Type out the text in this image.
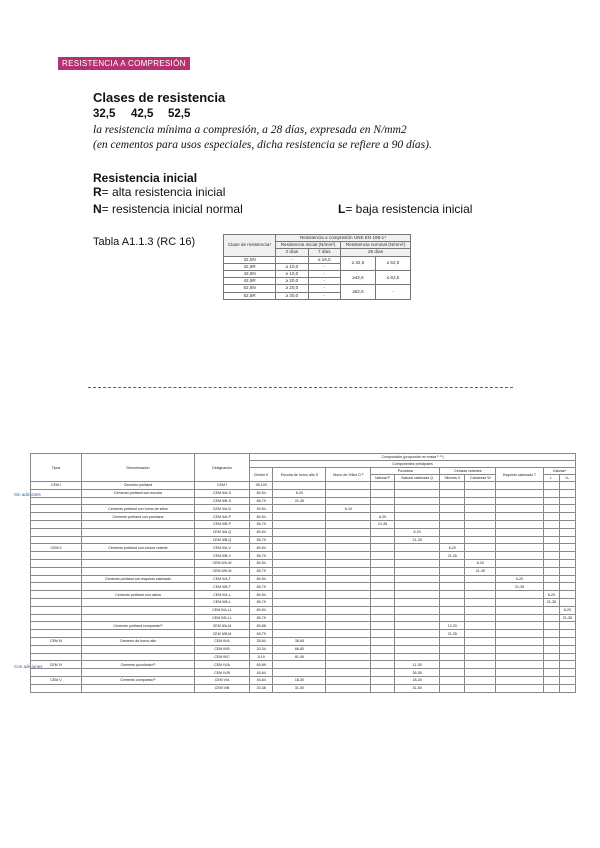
RESISTENCIA A COMPRESIÓN
Clases de resistencia
32,5 42,5 52,5
la resistencia mínima a compresión, a 28 días, expresada en N/mm2
(en cementos para usos especiales, dicha resistencia se refiere a 90 días).
Resistencia inicial
R= alta resistencia inicial
N= resistencia inicial normal	L= baja resistencia inicial
Tabla A1.1.3 (RC 16)	Clase de resistencia⁴	Resistencia a compresión UNE EN 196-1⁴			
	Resistencia inicial (N/mm²)		Resistencia nominal (N/mm²)	
	2 días	7 días	28 días	
32,5N	-	≥ 16,0	≥ 32,5	≤ 52,5
32,5R	≥ 10,0	-		
42,5N	≥ 10,0	-	≥42,5	≤ 62,5
42,5R	≥ 20,0	-		
52,5N	≥ 20,0	-	≥52,5	-
52,5R	≥ 30,0	-		
Sin adiciones
Con adiciones
Tipos	Denominación	Designación	Composición (proporción en masa ¹⁾ ²⁾)									
			Componentes principales									
			Clínker K	Escoria de horno alto S	Humo de Sílice D ²⁾	Puzolana		Cenizas volantes		Esquisto calcinado T	Calizas⁴	
						Natural P	Natural calcinada Q	Silíceas V	Calcáreas W		L	LL
CEM I	Cemento pórtland	CEM I	95-100									
	Cemento pórtland con escoria	CEM II/A-S	80-94	6-20								
		CEM II/B-S	65-79	21-35								
	Cemento pórtland con humo de sílice	CEM II/A-D	90-94		6-10							
	Cemento pórtland con puzolana	CEM II/A-P	80-94			6-20						
		CEM II/B-P	65-79			21-35						
		CEM II/A-Q	80-94				6-20					
		CEM II/B-Q	65-79				21-35					
CEM II	Cemento pórtland con ceniza volante	CEM II/A-V	80-94					6-20				
		CEM II/B-V	65-79					21-35				
		CEM II/A-W	80-94						6-20			
		CEM II/B-W	65-79						21-35			
	Cemento pórtland con esquisto calcinado	CEM II/A-T	80-94							6-20		
		CEM II/B-T	65-79							21-35		
	Cemento pórtland con caliza	CEM II/A-L	80-94								6-20	
		CEM II/B-L	65-79								21-35	
		CEM II/A-LL	80-94									6-20
		CEM II/B-LL	65-79									21-35
	Cemento pórtland compuesto³⁾	CEM II/A-M	80-88					12-20				
		CEM II/B-M	65-79					21-35				
CEM III	Cemento de horno alto	CEM III/A	35-64	36-65								
		CEM III/B	20-34	66-80								
		CEM III/C	5-19	81-95								
CEM IV	Cemento puzolánico³⁾	CEM IV/A	65-89				11-35					
		CEM IV/B	45-64				36-55					
CEM V	Cemento compuesto³⁾	CEM V/A	40-64	18-30			18-30					
		CEM V/B	20-38	31-50			31-50					
